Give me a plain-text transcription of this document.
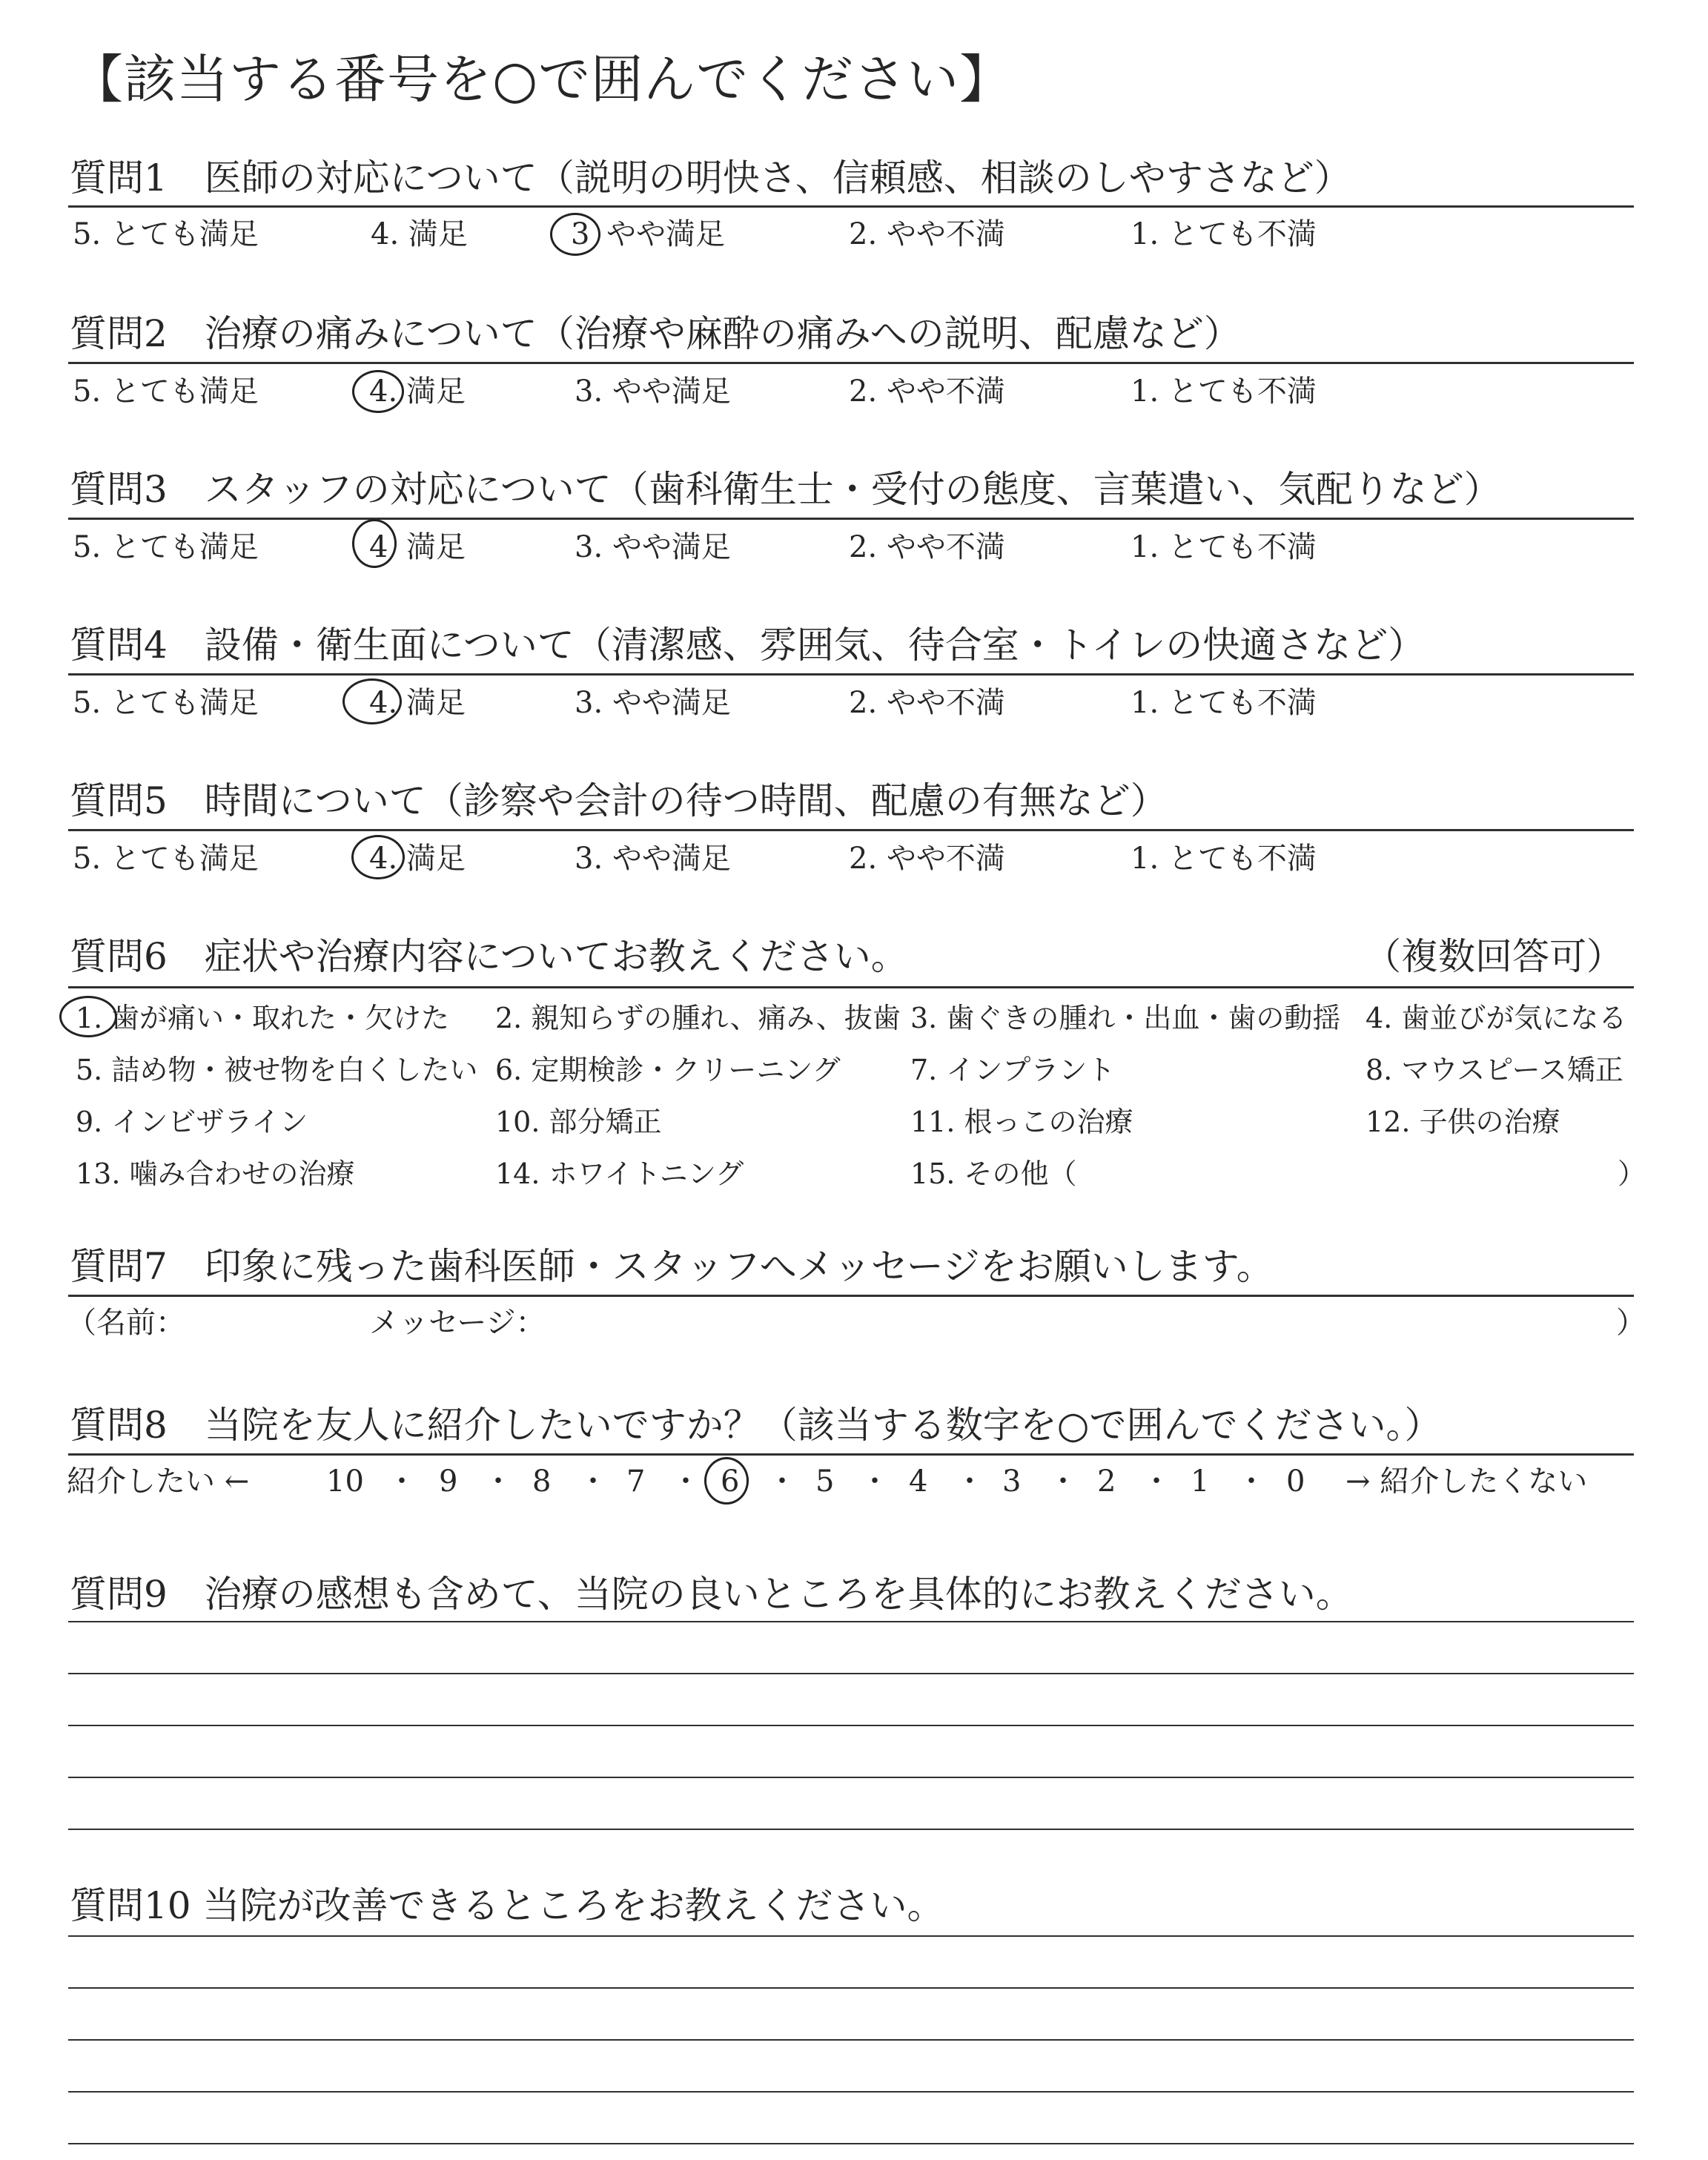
【該当する番号を○で囲んでください】
質問1　医師の対応について（説明の明快さ、信頼感、相談のしやすさなど）
5. とても満足	4. 満足	3 やや満足	2. やや不満	1. とても不満
質問2　治療の痛みについて（治療や麻酔の痛みへの説明、配慮など）
5. とても満足	4. 満足	3. やや満足	2. やや不満	1. とても不満
質問3　スタッフの対応について（歯科衛生士・受付の態度、言葉遣い、気配りなど）
5. とても満足	4 満足	3. やや満足	2. やや不満	1. とても不満
質問4　設備・衛生面について（清潔感、雰囲気、待合室・トイレの快適さなど）
5. とても満足	4. 満足	3. やや満足	2. やや不満	1. とても不満
質問5　時間について（診察や会計の待つ時間、配慮の有無など）
5. とても満足	4. 満足	3. やや満足	2. やや不満	1. とても不満
質問6　症状や治療内容についてお教えください。	（複数回答可）
1. 歯が痛い・取れた・欠けた 2. 親知らずの腫れ、痛み、抜歯 3. 歯ぐきの腫れ・出血・歯の動揺 4. 歯並びが気になる
5. 詰め物・被せ物を白くしたい 6. 定期検診・クリーニング 7. インプラント	8. マウスピース矯正
9. インビザライン	10. 部分矯正	11. 根っこの治療	12. 子供の治療
13. 噛み合わせの治療	14. ホワイトニング	15. その他（	）
質問7　印象に残った歯科医師・スタッフへメッセージをお願いします。
（名前：	メッセージ：	）
質問8　当院を友人に紹介したいですか？（該当する数字を○で囲んでください。）
紹介したい ←	10 ・ 9 ・ 8 ・ 7 ・ 6 ・ 5 ・ 4 ・ 3 ・ 2 ・ 1 ・ 0 → 紹介したくない
質問9　治療の感想も含めて、当院の良いところを具体的にお教えください。
質問10 当院が改善できるところをお教えください。
